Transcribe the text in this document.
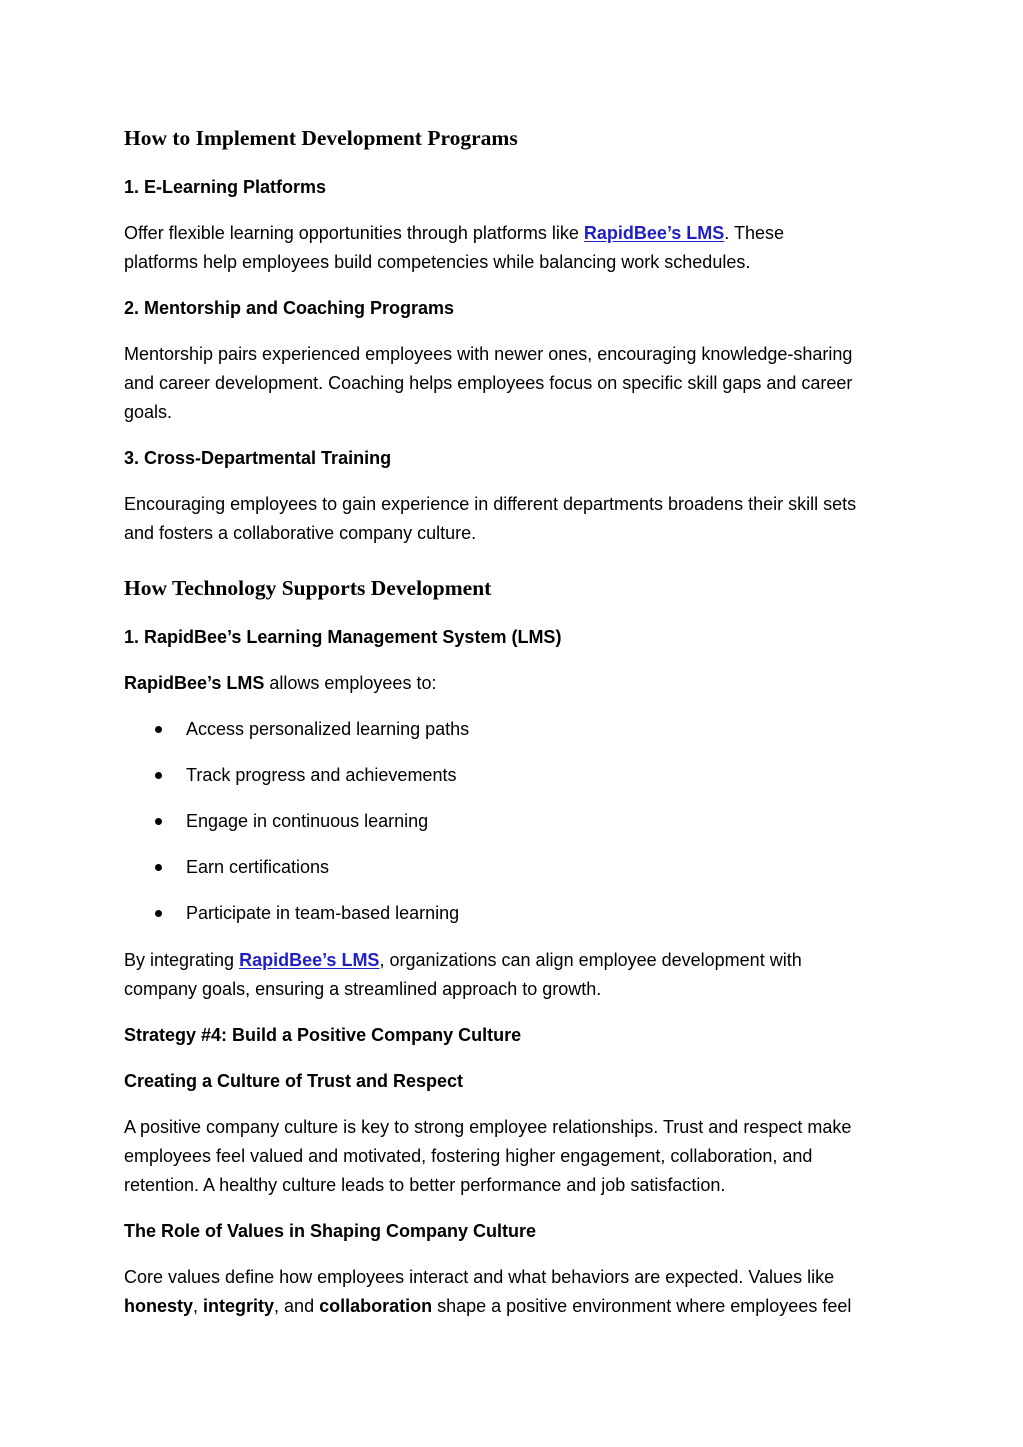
How to Implement Development Programs
1. E-Learning Platforms
Offer flexible learning opportunities through platforms like RapidBee’s LMS. These
platforms help employees build competencies while balancing work schedules.
2. Mentorship and Coaching Programs
Mentorship pairs experienced employees with newer ones, encouraging knowledge-sharing
and career development. Coaching helps employees focus on specific skill gaps and career
goals.
3. Cross-Departmental Training
Encouraging employees to gain experience in different departments broadens their skill sets
and fosters a collaborative company culture.
How Technology Supports Development
1. RapidBee’s Learning Management System (LMS)
RapidBee’s LMS allows employees to:
Access personalized learning paths
Track progress and achievements
Engage in continuous learning
Earn certifications
Participate in team-based learning
By integrating RapidBee’s LMS, organizations can align employee development with
company goals, ensuring a streamlined approach to growth.
Strategy #4: Build a Positive Company Culture
Creating a Culture of Trust and Respect
A positive company culture is key to strong employee relationships. Trust and respect make
employees feel valued and motivated, fostering higher engagement, collaboration, and
retention. A healthy culture leads to better performance and job satisfaction.
The Role of Values in Shaping Company Culture
Core values define how employees interact and what behaviors are expected. Values like
honesty, integrity, and collaboration shape a positive environment where employees feel
